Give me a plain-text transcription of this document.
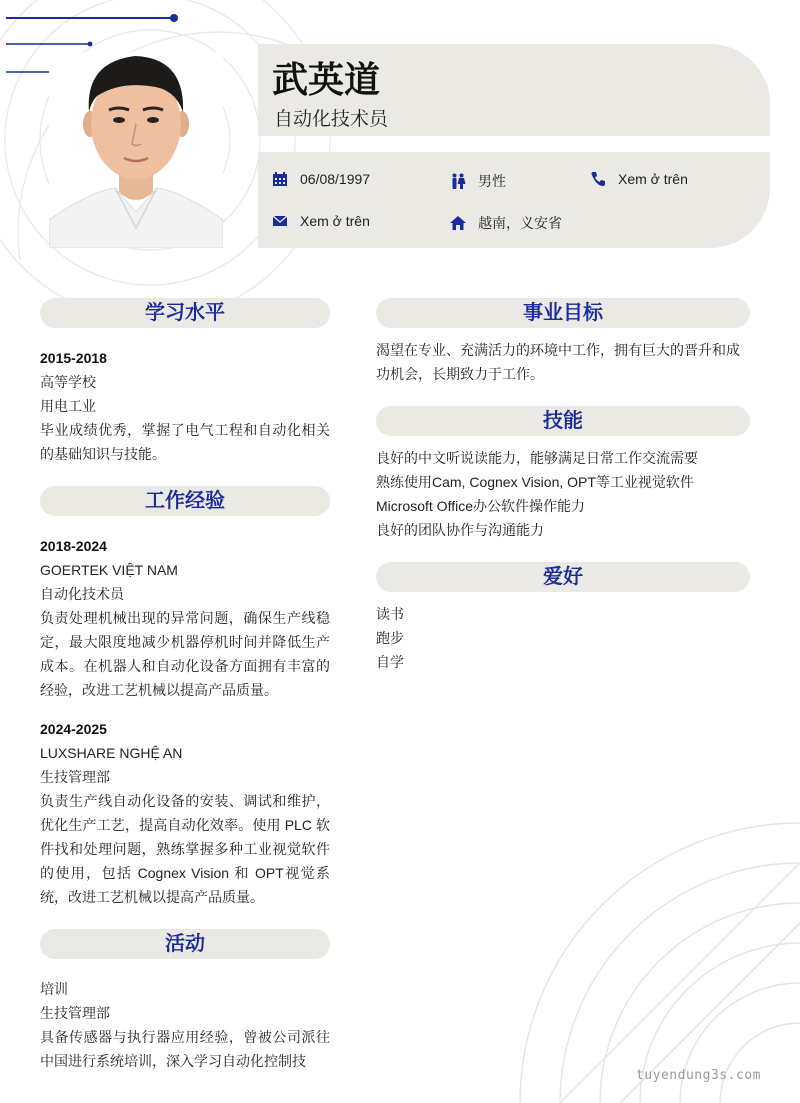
武英道
自动化技术员
06/08/1997	男性	Xem ở trên
Xem ở trên	越南，义安省
学习水平
2015-2018
高等学校
用电工业
毕业成绩优秀，掌握了电气工程和自动化相关的基础知识与技能。
工作经验
2018-2024
GOERTEK VIỆT NAM
自动化技术员
负责处理机械出现的异常问题，确保生产线稳定，最大限度地减少机器停机时间并降低生产成本。在机器人和自动化设备方面拥有丰富的经验，改进工艺机械以提高产品质量。
2024-2025
LUXSHARE NGHỆ AN
生技管理部
负责生产线自动化设备的安装、调试和维护，优化生产工艺，提高自动化效率。使用 PLC 软件找和处理问题，熟练掌握多种工业视觉软件的使用，包括 Cognex Vision 和 OPT视觉系统，改进工艺机械以提高产品质量。
活动
培训
生技管理部
具备传感器与执行器应用经验，曾被公司派往中国进行系统培训，深入学习自动化控制技
事业目标
渴望在专业、充满活力的环境中工作，拥有巨大的晋升和成功机会，长期致力于工作。
技能
良好的中文听说读能力，能够满足日常工作交流需要
熟练使用Cam, Cognex Vision, OPT等工业视觉软件
Microsoft Office办公软件操作能力
良好的团队协作与沟通能力
爱好
读书
跑步
自学
tuyendung3s.com
